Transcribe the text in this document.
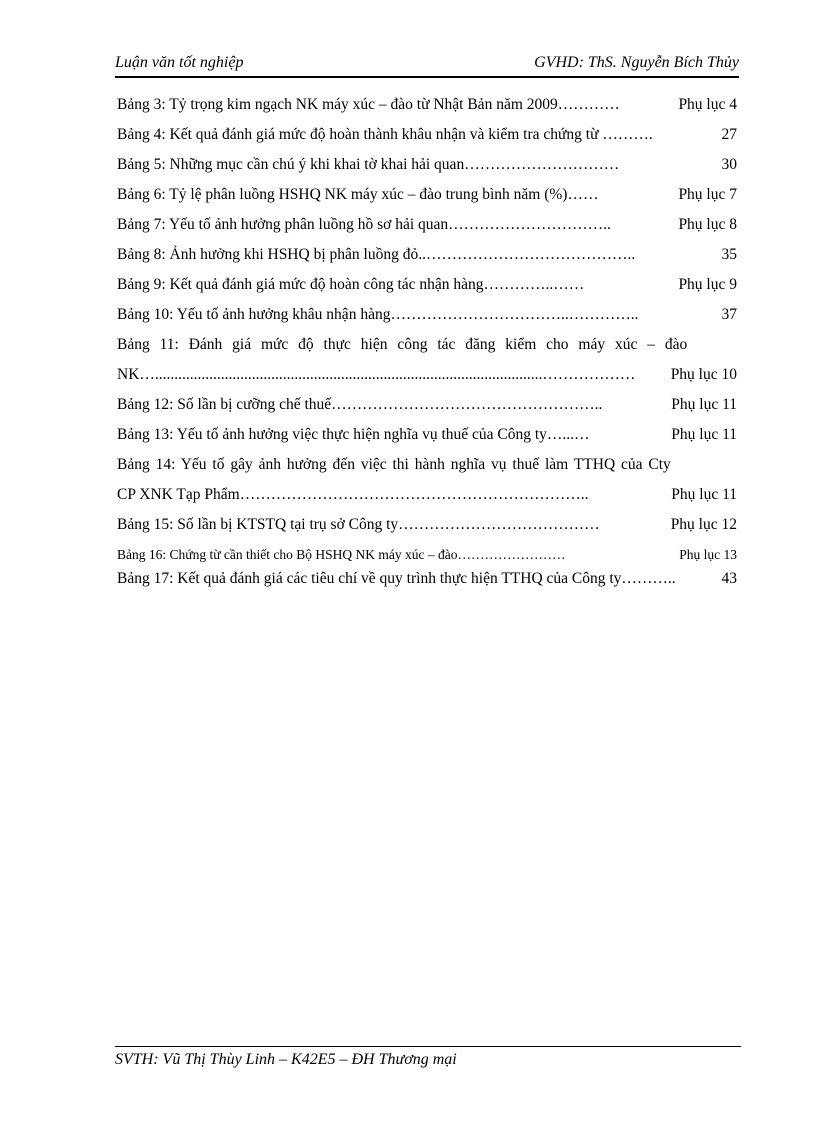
Luận văn tốt nghiệp	GVHD: ThS. Nguyễn Bích Thủy
Bảng 3: Tỷ trọng kim ngạch NK máy xúc – đào từ Nhật Bản năm 2009…………	Phụ lục 4
Bảng 4: Kết quả đánh giá mức độ hoàn thành khâu nhận và kiểm tra chứng từ ……….	27
Bảng 5: Những mục cần chú ý khi khai tờ khai hải quan…………………………	30
Bảng 6: Tỷ lệ phân luồng HSHQ NK máy xúc – đào trung bình năm (%)……	Phụ lục 7
Bảng 7: Yếu tố ảnh hưởng phân luồng hồ sơ hải quan…………………………..	Phụ lục 8
Bảng 8: Ảnh hưởng khi HSHQ bị phân luồng đỏ..…………………………………..	35
Bảng 9: Kết quả đánh giá mức độ hoàn công tác nhận hàng…………..……	Phụ lục 9
Bảng 10: Yếu tố ảnh hưởng khâu nhận hàng……………………………..…………..	37
Bảng 11: Đánh giá mức độ thực hiện công tác đăng kiểm cho máy xúc – đào
NK…....................................................................................................……………… Phụ lục 10
Bảng 12: Số lần bị cưỡng chế thuế……………………………………………..	Phụ lục 11
Bảng 13: Yếu tố ảnh hưởng việc thực hiện nghĩa vụ thuế của Công ty…...…	Phụ lục 11
Bảng 14: Yếu tố gây ảnh hưởng đến việc thi hành nghĩa vụ thuế làm TTHQ của Cty
CP XNK Tạp Phẩm…………………………………………………………..	Phụ lục 11
Bảng 15: Số lần bị KTSTQ tại trụ sở Công ty…………………………………	Phụ lục 12
Bảng 16: Chứng từ cần thiết cho Bộ HSHQ NK máy xúc – đào……………………	Phụ lục 13
Bảng 17: Kết quả đánh giá các tiêu chí về quy trình thực hiện TTHQ của Công ty………..	43
SVTH: Vũ Thị Thùy Linh – K42E5 – ĐH Thương mại
